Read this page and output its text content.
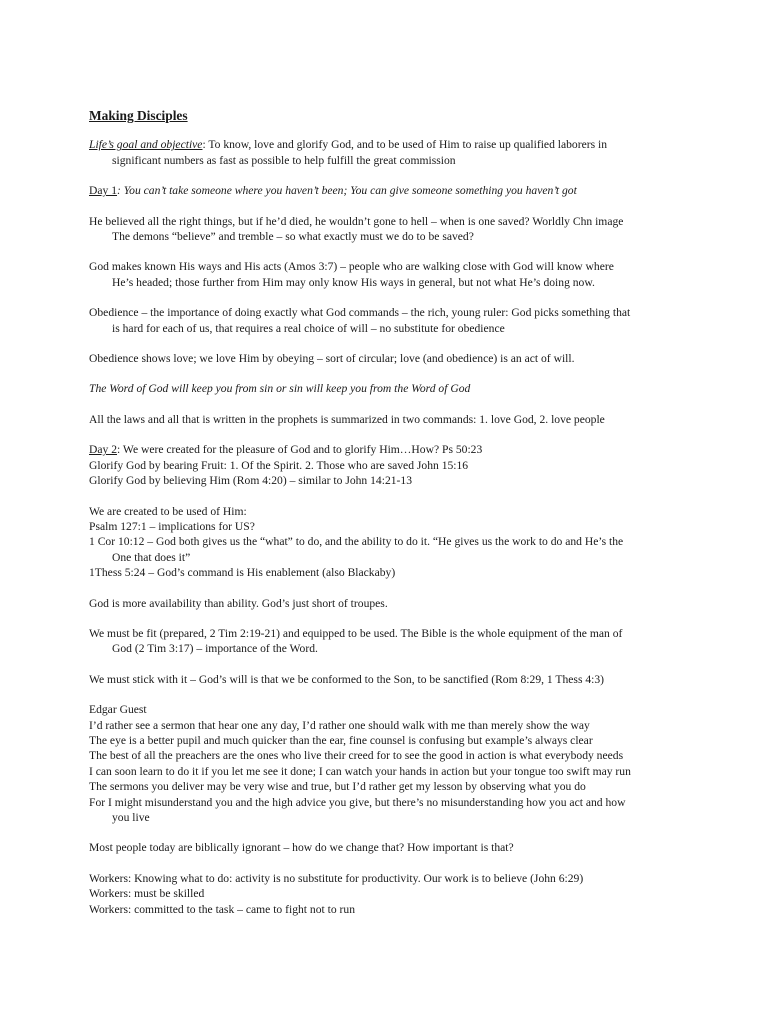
Making Disciples
Life’s goal and objective: To know, love and glorify God, and to be used of Him to raise up qualified laborers in
significant numbers as fast as possible to help fulfill the great commission
Day 1: You can’t take someone where you haven’t been; You can give someone something you haven’t got
He believed all the right things, but if he’d died, he wouldn’t gone to hell – when is one saved? Worldly Chn image
The demons “believe” and tremble – so what exactly must we do to be saved?
God makes known His ways and His acts (Amos 3:7) – people who are walking close with God will know where
He’s headed; those further from Him may only know His ways in general, but not what He’s doing now.
Obedience – the importance of doing exactly what God commands – the rich, young ruler: God picks something that
is hard for each of us, that requires a real choice of will – no substitute for obedience
Obedience shows love; we love Him by obeying – sort of circular; love (and obedience) is an act of will.
The Word of God will keep you from sin or sin will keep you from the Word of God
All the laws and all that is written in the prophets is summarized in two commands: 1. love God, 2. love people
Day 2: We were created for the pleasure of God and to glorify Him…How? Ps 50:23
Glorify God by bearing Fruit: 1. Of the Spirit. 2. Those who are saved John 15:16
Glorify God by believing Him (Rom 4:20) – similar to John 14:21-13
We are created to be used of Him:
Psalm 127:1 – implications for US?
1 Cor 10:12 – God both gives us the “what” to do, and the ability to do it. “He gives us the work to do and He’s the
One that does it”
1Thess 5:24 – God’s command is His enablement (also Blackaby)
God is more availability than ability. God’s just short of troupes.
We must be fit (prepared, 2 Tim 2:19-21) and equipped to be used. The Bible is the whole equipment of the man of
God (2 Tim 3:17) – importance of the Word.
We must stick with it – God’s will is that we be conformed to the Son, to be sanctified (Rom 8:29, 1 Thess 4:3)
Edgar Guest
I’d rather see a sermon that hear one any day, I’d rather one should walk with me than merely show the way
The eye is a better pupil and much quicker than the ear, fine counsel is confusing but example’s always clear
The best of all the preachers are the ones who live their creed for to see the good in action is what everybody needs
I can soon learn to do it if you let me see it done; I can watch your hands in action but your tongue too swift may run
The sermons you deliver may be very wise and true, but I’d rather get my lesson by observing what you do
For I might misunderstand you and the high advice you give, but there’s no misunderstanding how you act and how
you live
Most people today are biblically ignorant – how do we change that? How important is that?
Workers: Knowing what to do: activity is no substitute for productivity. Our work is to believe (John 6:29)
Workers: must be skilled
Workers: committed to the task – came to fight not to run
